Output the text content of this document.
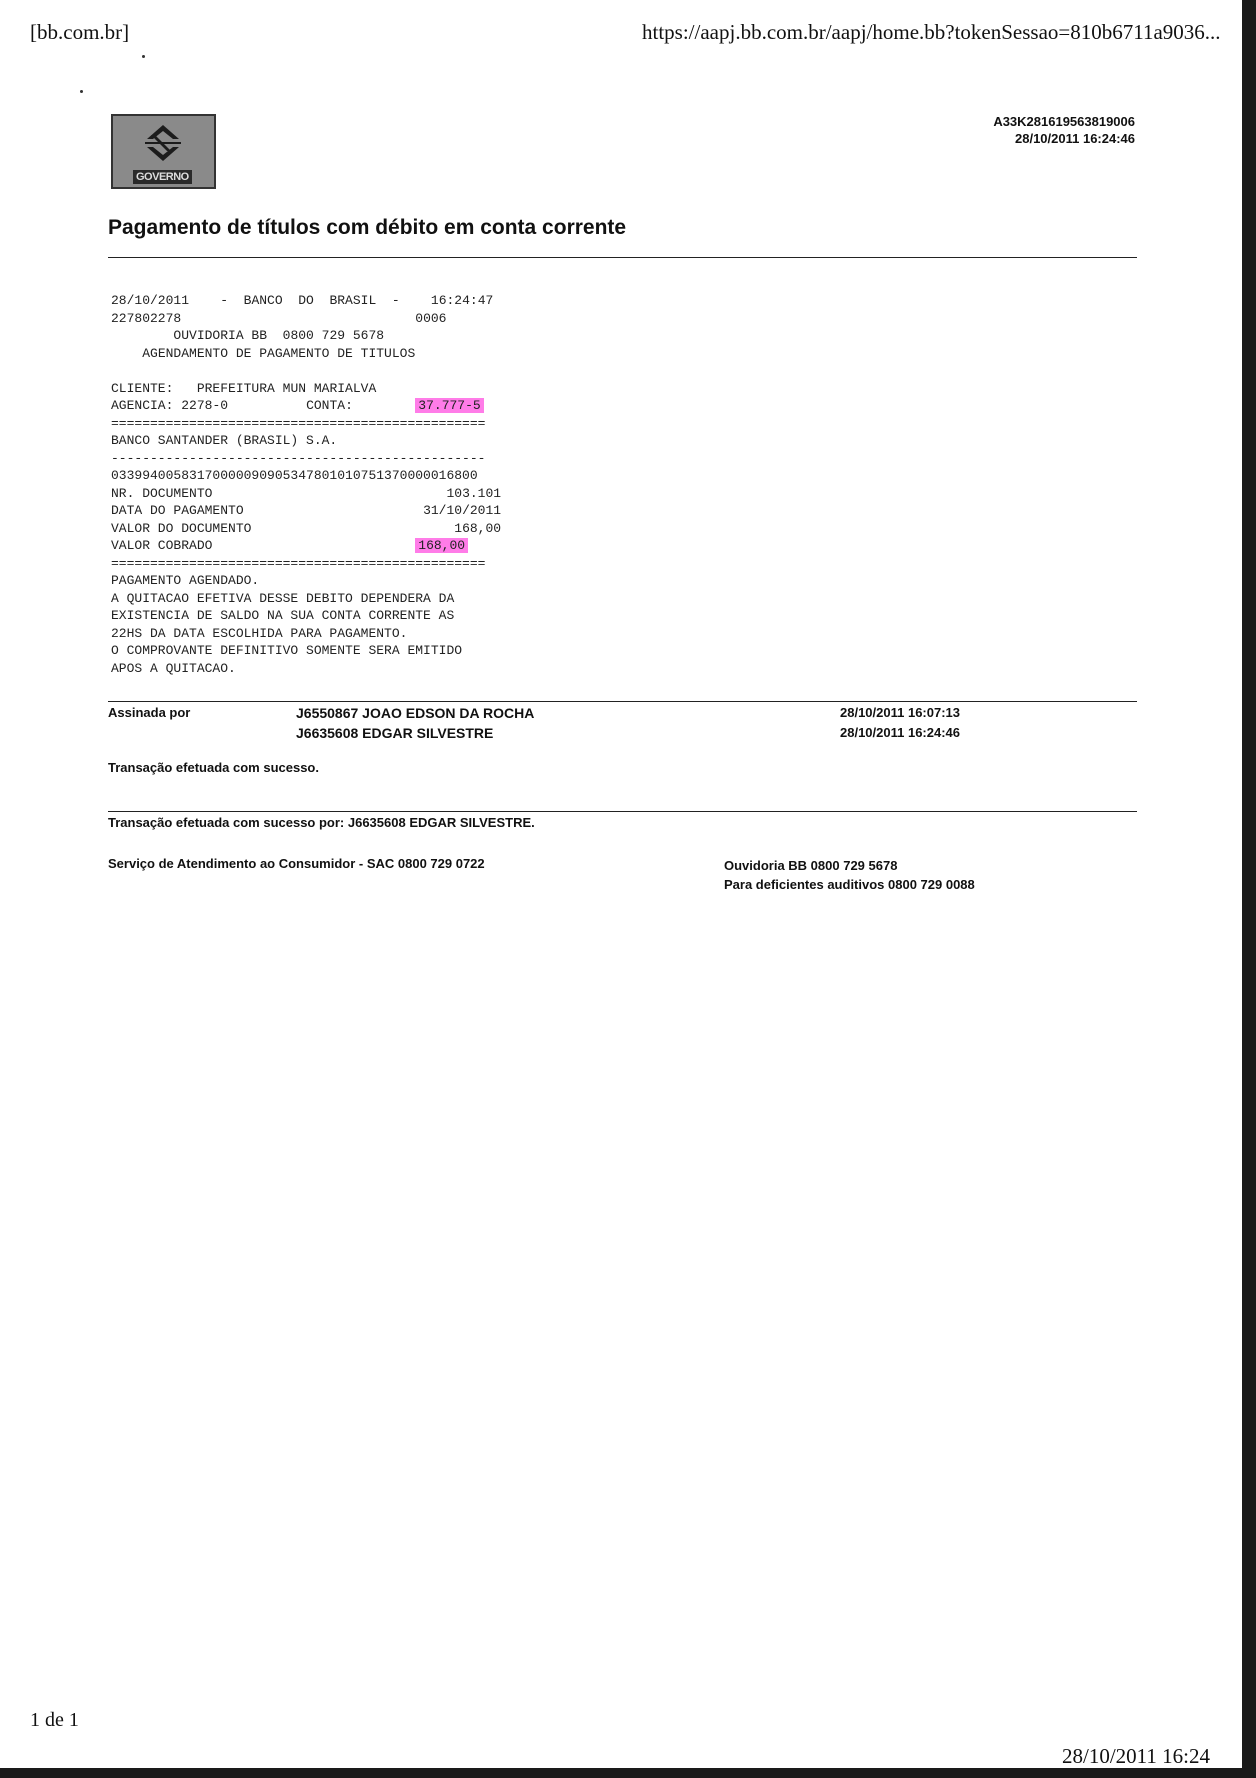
[bb.com.br]	https://aapj.bb.com.br/aapj/home.bb?tokenSessao=810b6711a9036...
GOVERNO
A33K281619563819006
28/10/2011 16:24:46
Pagamento de títulos com débito em conta corrente
28/10/2011 -  BANCO  DO  BRASIL  - 16:24:47
227802278	0006
OUVIDORIA BB  0800 729 5678
AGENDAMENTO DE PAGAMENTO DE TITULOS

CLIENTE: PREFEITURA MUN MARIALVA
AGENCIA: 2278-0	CONTA:	37.777-5
================================================
BANCO SANTANDER (BRASIL) S.A.
------------------------------------------------
03399400583170000090905347801010751370000016800
NR. DOCUMENTO	103.101
DATA DO PAGAMENTO	31/10/2011
VALOR DO DOCUMENTO	168,00
VALOR COBRADO	168,00
================================================
PAGAMENTO AGENDADO.
A QUITACAO EFETIVA DESSE DEBITO DEPENDERA DA
EXISTENCIA DE SALDO NA SUA CONTA CORRENTE AS
22HS DA DATA ESCOLHIDA PARA PAGAMENTO.
O COMPROVANTE DEFINITIVO SOMENTE SERA EMITIDO
APOS A QUITACAO.
Assinada por	J6550867 JOAO EDSON DA ROCHA	28/10/2011 16:07:13
J6635608 EDGAR SILVESTRE	28/10/2011 16:24:46
Transação efetuada com sucesso.
Transação efetuada com sucesso por: J6635608 EDGAR SILVESTRE.
Serviço de Atendimento ao Consumidor - SAC 0800 729 0722	Ouvidoria BB 0800 729 5678
Para deficientes auditivos 0800 729 0088
1 de 1
28/10/2011 16:24
